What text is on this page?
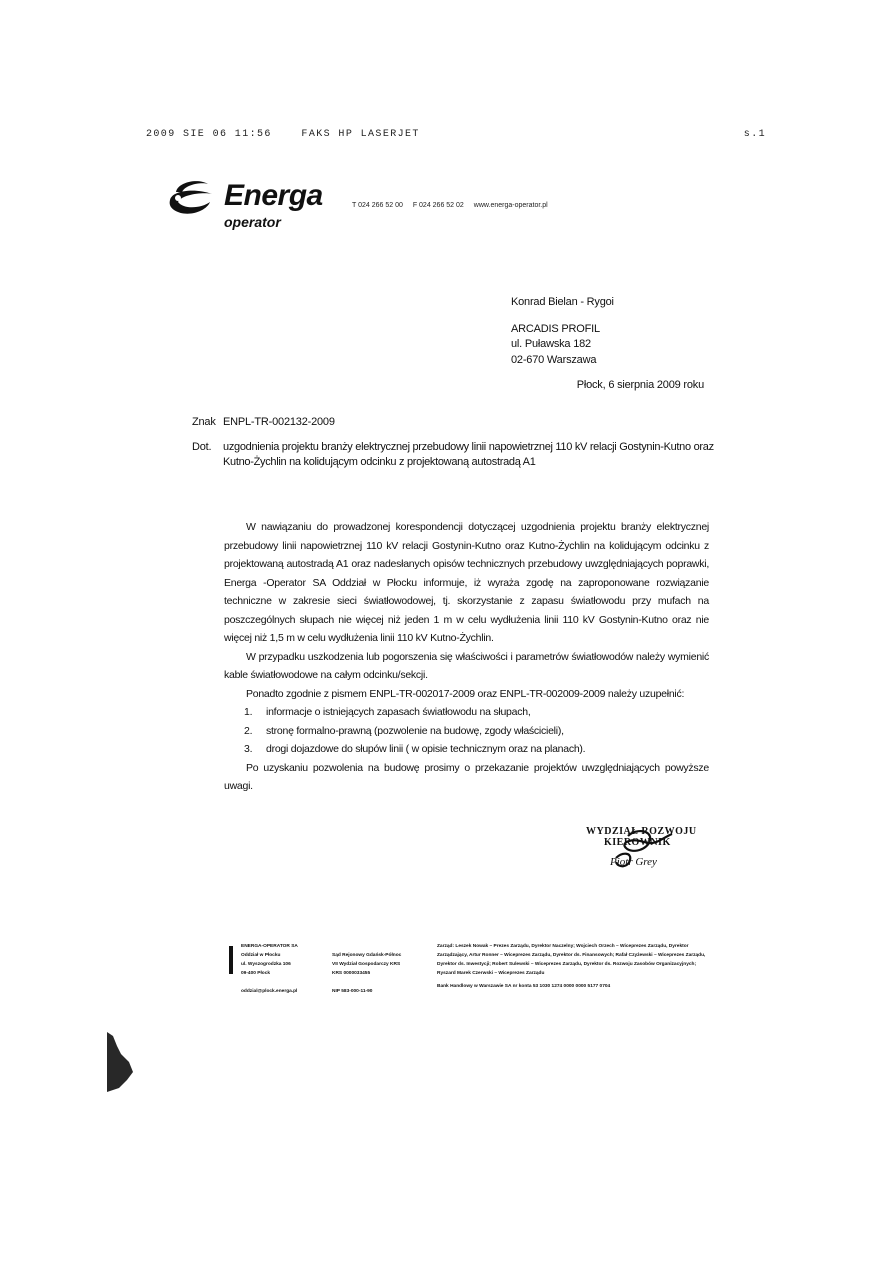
2009 SIE 06 11:56    FAKS HP LASERJET	s.1
Energa
operator
T 024 266 52 00 F 024 266 52 02 www.energa-operator.pl
Konrad Bielan - Rygoi
ARCADIS PROFIL
ul. Puławska 182
02-670 Warszawa
Płock, 6 sierpnia 2009 roku
Znak ENPL-TR-002132-2009
Dot. uzgodnienia projektu branży elektrycznej przebudowy linii napowietrznej 110 kV relacji Gostynin-Kutno oraz Kutno-Żychlin na kolidującym odcinku z projektowaną autostradą A1

W nawiązaniu do prowadzonej korespondencji dotyczącej uzgodnienia projektu branży elektrycznej przebudowy linii napowietrznej 110 kV relacji Gostynin-Kutno oraz Kutno-Żychlin na kolidującym odcinku z projektowaną autostradą A1 oraz nadesłanych opisów technicznych przebudowy uwzględniających poprawki, Energa -Operator SA Oddział w Płocku informuje, iż wyraża zgodę na zaproponowane rozwiązanie techniczne w zakresie sieci światłowodowej, tj. skorzystanie z zapasu światłowodu przy mufach na poszczególnych słupach nie więcej niż jeden 1 m w celu wydłużenia linii 110 kV Gostynin-Kutno oraz nie więcej niż 1,5 m w celu wydłużenia linii 110 kV Kutno-Żychlin.

W przypadku uszkodzenia lub pogorszenia się właściwości i parametrów światłowodów należy wymienić kable światłowodowe na całym odcinku/sekcji.

Ponadto zgodnie z pismem ENPL-TR-002017-2009 oraz ENPL-TR-002009-2009 należy uzupełnić:

1. informacje o istniejących zapasach światłowodu na słupach,
2. stronę formalno-prawną (pozwolenie na budowę, zgody właścicieli),
3. drogi dojazdowe do słupów linii ( w opisie technicznym oraz na planach).

Po uzyskaniu pozwolenia na budowę prosimy o przekazanie projektów uwzględniających powyższe uwagi.

WYDZIAŁ ROZWOJU
KIEROWNIK
Piotr Grey
ENERGA-OPERATOR SA
Oddział w Płocku
ul. Wyszogrodzka 106
09-400 Płock
oddzial@plock.energa.pl
Sąd Rejonowy Gdańsk-Północ
VII Wydział Gospodarczy KRS
KRS 0000033455
NIP 583-000-11-90
Zarząd: Leszek Nowak – Prezes Zarządu, Dyrektor Naczelny; Wojciech Orzech – Wiceprezes Zarządu, Dyrektor Zarządzający, Artur Ronner – Wiceprezes Zarządu, Dyrektor ds. Finansowych; Rafał Czyżewski – Wiceprezes Zarządu, Dyrektor ds. Inwestycji; Robert Sulewski – Wiceprezes Zarządu, Dyrektor ds. Rozwoju Zasobów Organizacyjnych; Ryszard Marek Czerwski – Wiceprezes Zarządu
Bank Handlowy w Warszawie SA nr konta 53 1030 1274 0000 0000 5177 0704
